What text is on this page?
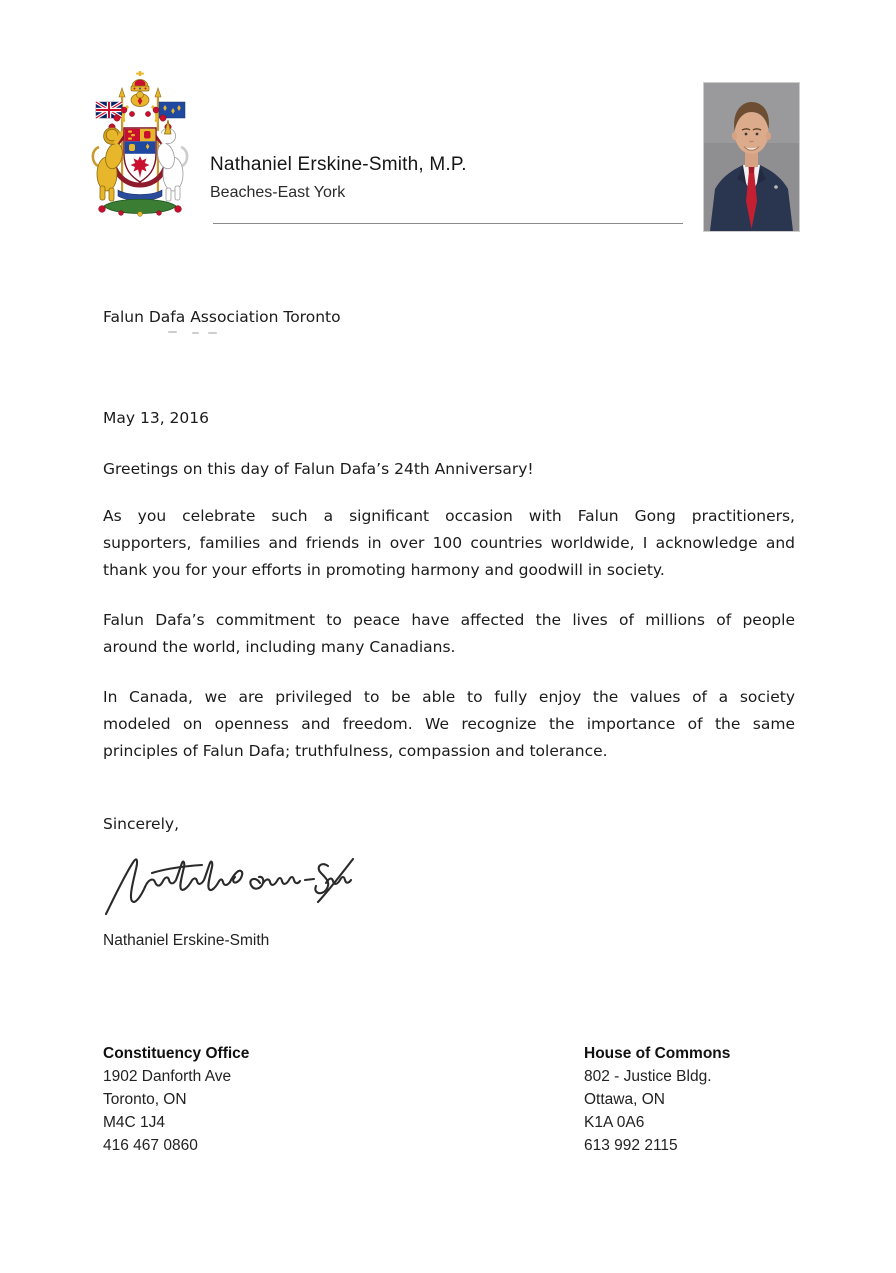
Nathaniel Erskine-Smith, M.P.
Beaches-East York
Falun Dafa Association Toronto
May 13, 2016
Greetings on this day of Falun Dafa’s 24th Anniversary!
As you celebrate such a significant occasion with Falun Gong practitioners,
supporters, families and friends in over 100 countries worldwide, I acknowledge and
thank you for your efforts in promoting harmony and goodwill in society.
Falun Dafa’s commitment to peace have affected the lives of millions of people
around the world, including many Canadians.
In Canada, we are privileged to be able to fully enjoy the values of a society
modeled on openness and freedom. We recognize the importance of the same
principles of Falun Dafa; truthfulness, compassion and tolerance.
Sincerely,
Nathaniel Erskine-Smith
Constituency Office
1902 Danforth Ave
Toronto, ON
M4C 1J4
416 467 0860
House of Commons
802 - Justice Bldg.
Ottawa, ON
K1A 0A6
613 992 2115
